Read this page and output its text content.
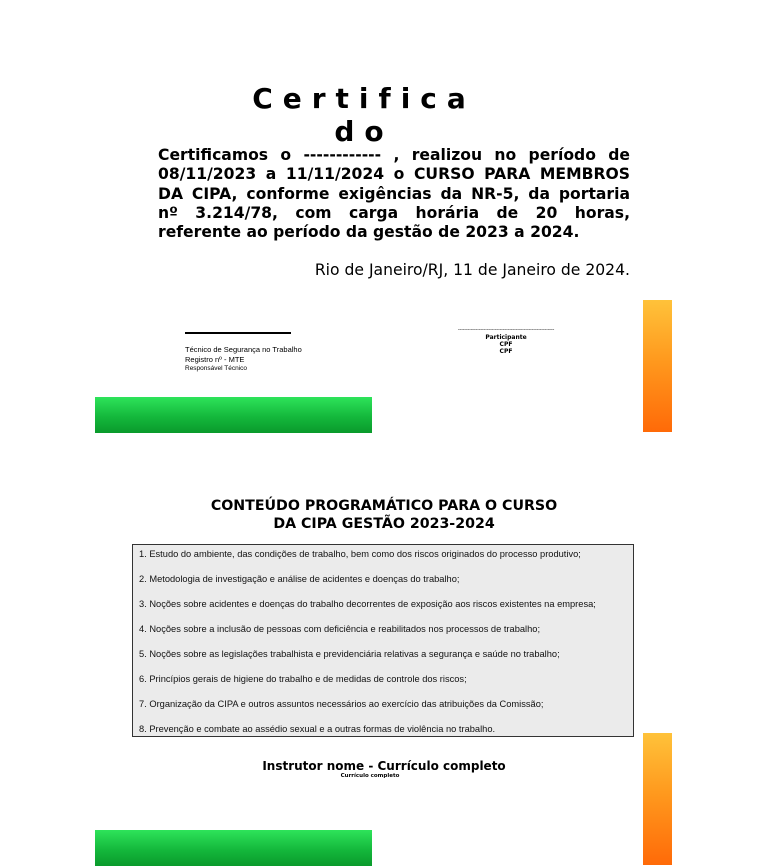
Certifica
do
Certificamos o ------------ , realizou no período de 08/11/2023 a 11/11/2024 o CURSO PARA MEMBROS DA CIPA, conforme exigências da NR-5, da portaria nº 3.214/78, com carga horária de 20 horas, referente ao período da gestão de 2023 a 2024.
Rio de Janeiro/RJ, 11 de Janeiro de 2024.
Técnico de Segurança no Trabalho
Registro nº - MTE
Responsável Técnico
------------------------------------------------------------
Participante
CPF
CPF
CONTEÚDO PROGRAMÁTICO PARA O CURSO
DA CIPA GESTÃO 2023-2024
1. Estudo do ambiente, das condições de trabalho, bem como dos riscos originados do processo produtivo;
2. Metodologia de investigação e análise de acidentes e doenças do trabalho;
3. Noções sobre acidentes e doenças do trabalho decorrentes de exposição aos riscos existentes na empresa;
4. Noções sobre a inclusão de pessoas com deficiência e reabilitados nos processos de trabalho;
5. Noções sobre as legislações trabalhista e previdenciária relativas a segurança e saúde no trabalho;
6. Princípios gerais de higiene do trabalho e de medidas de controle dos riscos;
7. Organização da CIPA e outros assuntos necessários ao exercício das atribuições da Comissão;
8. Prevenção e combate ao assédio sexual e a outras formas de violência no trabalho.
Instrutor nome - Currículo completo
Currículo completo
